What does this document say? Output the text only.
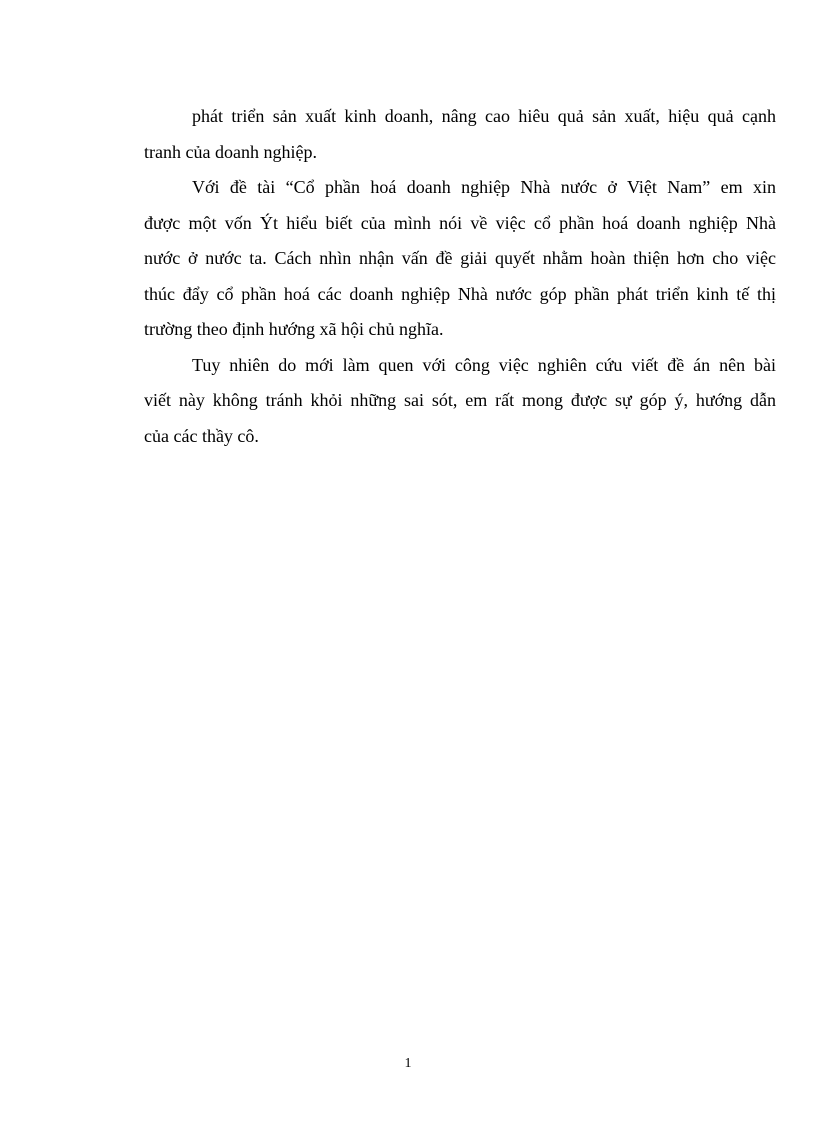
phát triển sản xuất kinh doanh, nâng cao hiêu quả sản xuất, hiệu quả cạnh
tranh của doanh nghiệp.
Với đề tài “Cổ phần hoá doanh nghiệp Nhà nước ở Việt Nam” em xin
được một vốn Ýt hiểu biết của mình nói về việc cổ phần hoá doanh nghiệp Nhà
nước ở nước ta. Cách nhìn nhận vấn đề giải quyết nhằm hoàn thiện hơn cho việc
thúc đẩy cổ phần hoá các doanh nghiệp Nhà nước góp phần phát triển kinh tế thị
trường theo định hướng xã hội chủ nghĩa.
Tuy nhiên do mới làm quen với công việc nghiên cứu viết đề án nên bài
viết này không tránh khỏi những sai sót, em rất mong được sự góp ý, hướng dẫn
của các thầy cô.
1
